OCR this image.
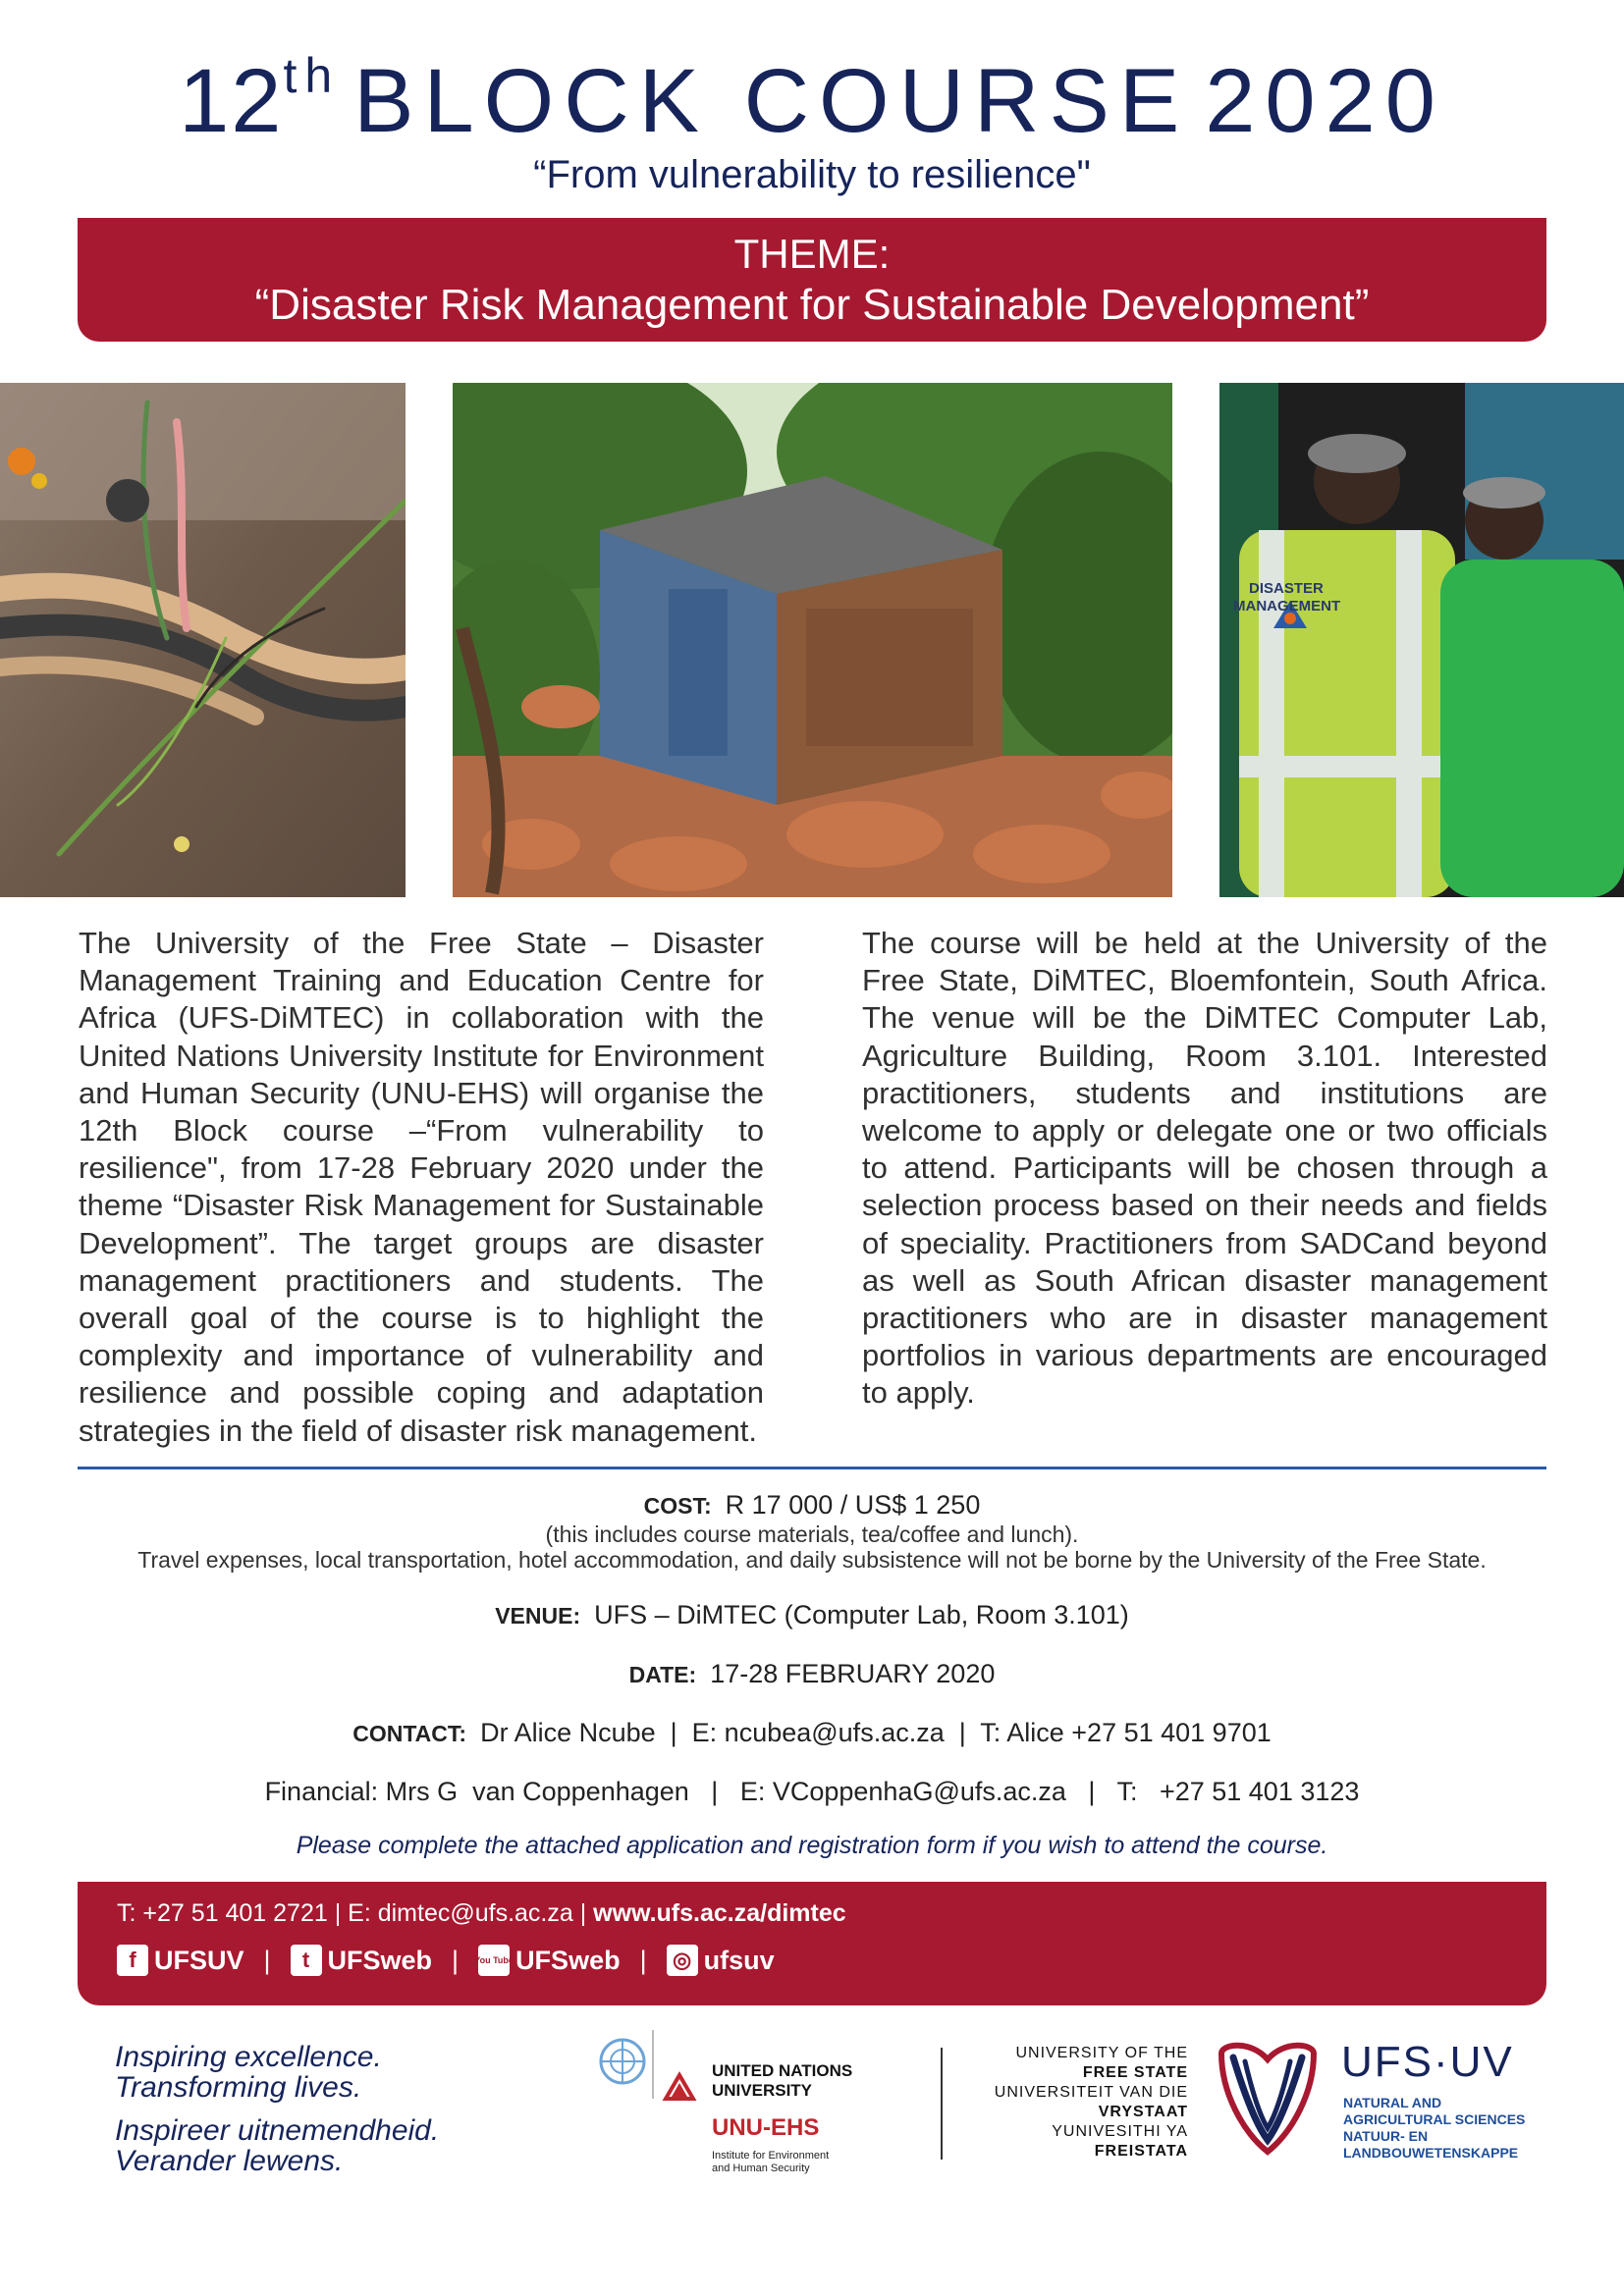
12th BLOCK COURSE 2020
“From vulnerability to resilience"
THEME:
“Disaster Risk Management for Sustainable Development”
DISASTER
MANAGEMENT
The University of the Free State – Disaster Management Training and Education Centre for Africa (UFS-DiMTEC) in collaboration with the United Nations University Institute for Environment and Human Security (UNU-EHS) will organise the 12th Block course –“From vulnerability to resilience", from 17-28 February 2020 under the theme “Disaster Risk Management for Sustainable Development”. The target groups are disaster management practitioners and students. The overall goal of the course is to highlight the complexity and importance of vulnerability and resilience and possible coping and adaptation strategies in the field of disaster risk management.
The course will be held at the University of the Free State, DiMTEC, Bloemfontein, South Africa. The venue will be the DiMTEC Computer Lab, Agriculture Building, Room 3.101. Interested practitioners, students and institutions are welcome to apply or delegate one or two officials to attend. Participants will be chosen through a selection process based on their needs and fields of speciality. Practitioners from SADCand beyond as well as South African disaster management practitioners who are in disaster management portfolios in various departments are encouraged to apply.
COST: R 17 000 / US$ 1 250
(this includes course materials, tea/coffee and lunch).
Travel expenses, local transportation, hotel accommodation, and daily subsistence will not be borne by the University of the Free State.
VENUE: UFS – DiMTEC (Computer Lab, Room 3.101)
DATE: 17-28 FEBRUARY 2020
CONTACT: Dr Alice Ncube  |  E: ncubea@ufs.ac.za  |  T: Alice +27 51 401 9701
Financial: Mrs G  van Coppenhagen   |   E: VCoppenhaG@ufs.ac.za   |   T:   +27 51 401 3123
Please complete the attached application and registration form if you wish to attend the course.
T: +27 51 401 2721 | E: dimtec@ufs.ac.za | www.ufs.ac.za/dimtec
f UFSUV |	t UFSweb | You Tube UFSweb | ◎ ufsuv
Inspiring excellence.
Transforming lives.
Inspireer uitnemendheid.
Verander lewens.
UNITED NATIONS
UNIVERSITY
UNU-EHS
Institute for Environment
and Human Security
UNIVERSITY OF THE
FREE STATE
UNIVERSITEIT VAN DIE
VRYSTAAT
YUNIVESITHI YA
FREISTATA
UFS·UV
NATURAL AND
AGRICULTURAL SCIENCES
NATUUR- EN
LANDBOUWETENSKAPPE
